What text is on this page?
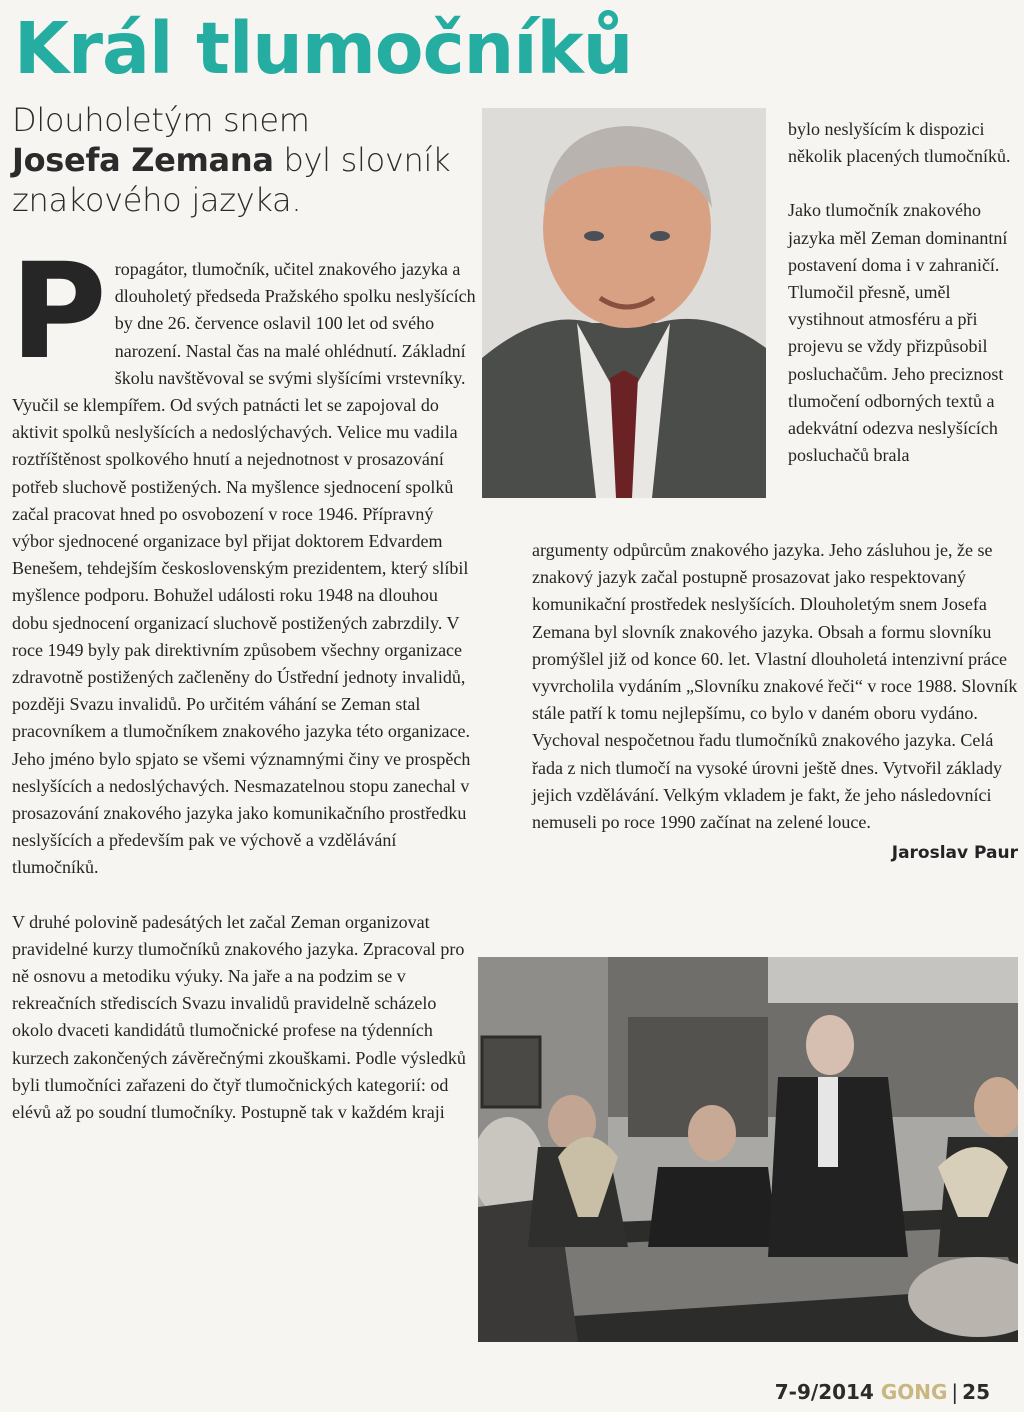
Král tlumočníků
Dlouholetým snem
Josefa Zemana byl slovník znakového jazyka.
P ropagátor, tlumočník, učitel znakového jazyka a dlouholetý předseda Pražského spolku neslyšících by dne 26. července oslavil 100 let od svého narození. Nastal čas na malé ohlédnutí. Základní školu navštěvoval se svými slyšícími vrstevníky. Vyučil se klempířem. Od svých patnácti let se zapojoval do aktivit spolků neslyšících a nedoslýchavých. Velice mu vadila roztříštěnost spolkového hnutí a nejednotnost v prosazování potřeb sluchově postižených. Na myšlence sjednocení spolků začal pracovat hned po osvobození v roce 1946. Přípravný výbor sjednocené organizace byl přijat doktorem Edvardem Benešem, tehdejším československým prezidentem, který slíbil myšlence podporu. Bohužel události roku 1948 na dlouhou dobu sjednocení organizací sluchově postižených zabrzdily. V roce 1949 byly pak direktivním způsobem všechny organizace zdravotně postižených začleněny do Ústřední jednoty invalidů, později Svazu invalidů. Po určitém váhání se Zeman stal pracovníkem a tlumočníkem znakového jazyka této organizace. Jeho jméno bylo spjato se všemi významnými činy ve prospěch neslyšících a nedoslýchavých. Nesmazatelnou stopu zanechal v prosazování znakového jazyka jako komunikačního prostředku neslyšících a především pak ve výchově a vzdělávání tlumočníků.

V druhé polovině padesátých let začal Zeman organizovat pravidelné kurzy tlumočníků znakového jazyka. Zpracoval pro ně osnovu a metodiku výuky. Na jaře a na podzim se v rekreačních střediscích Svazu invalidů pravidelně scházelo okolo dvaceti kandidátů tlumočnické profese na týdenních kurzech zakončených závěrečnými zkouškami. Podle výsledků byli tlumočníci zařazeni do čtyř tlumočnických kategorií: od elévů až po soudní tlumočníky. Postupně tak v každém kraji

bylo neslyšícím k dispozici několik placených tlumočníků.

Jako tlumočník znakového jazyka měl Zeman dominantní postavení doma i v zahraničí. Tlumočil přesně, uměl vystihnout atmosféru a při projevu se vždy přizpůsobil posluchačům. Jeho preciznost tlumočení odborných textů a adekvátní odezva neslyšících posluchačů brala

argumenty odpůrcům znakového jazyka. Jeho zásluhou je, že se znakový jazyk začal postupně prosazovat jako respektovaný komunikační prostředek neslyšících. Dlouholetým snem Josefa Zemana byl slovník znakového jazyka. Obsah a formu slovníku promýšlel již od konce 60. let. Vlastní dlouholetá intenzivní práce vyvrcholila vydáním „Slovníku znakové řeči“ v roce 1988. Slovník stále patří k tomu nejlepšímu, co bylo v daném oboru vydáno. Vychoval nespočetnou řadu tlumočníků znakového jazyka. Celá řada z nich tlumočí na vysoké úrovni ještě dnes. Vytvořil základy jejich vzdělávání. Velkým vkladem je fakt, že jeho následovníci nemuseli po roce 1990 začínat na zelené louce.

Jaroslav Paur
7-9/2014 GONG | 25
